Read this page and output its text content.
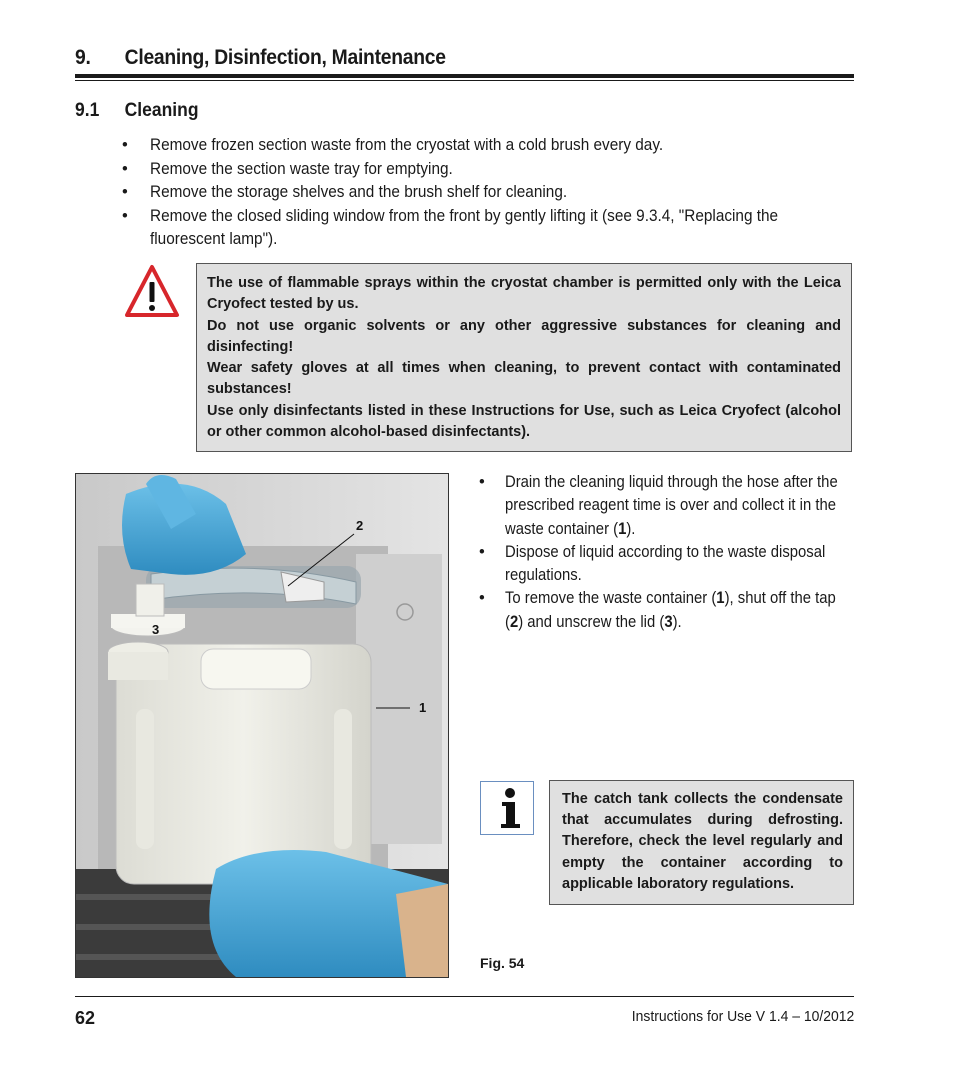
9. Cleaning, Disinfection, Maintenance
9.1 Cleaning
• Remove frozen section waste from the cryostat with a cold brush every day.
• Remove the section waste tray for emptying.
• Remove the storage shelves and the brush shelf for cleaning.
• Remove the closed sliding window from the front by gently lifting it (see 9.3.4, "Replacing the fluorescent lamp").

The use of flammable sprays within the cryostat chamber is permitted only with the Leica Cryofect tested by us.

Do not use organic solvents or any other aggressive substances for cleaning and disinfecting!

Wear safety gloves at all times when cleaning, to prevent contact with contaminated substances!

Use only disinfectants listed in these Instructions for Use, such as Leica Cryofect (alcohol or other common alcohol-based disinfectants).

2
3
1
• Drain the cleaning liquid through the hose after the prescribed reagent time is over and collect it in the waste container (1).
• Dispose of liquid according to the waste disposal regulations.
• To remove the waste container (1), shut off the tap (2) and unscrew the lid (3).

The catch tank collects the condensate that accumulates during defrosting. Therefore, check the level regularly and empty the container according to applicable laboratory regulations.

Fig. 54
62	Instructions for Use V 1.4 – 10/2012
